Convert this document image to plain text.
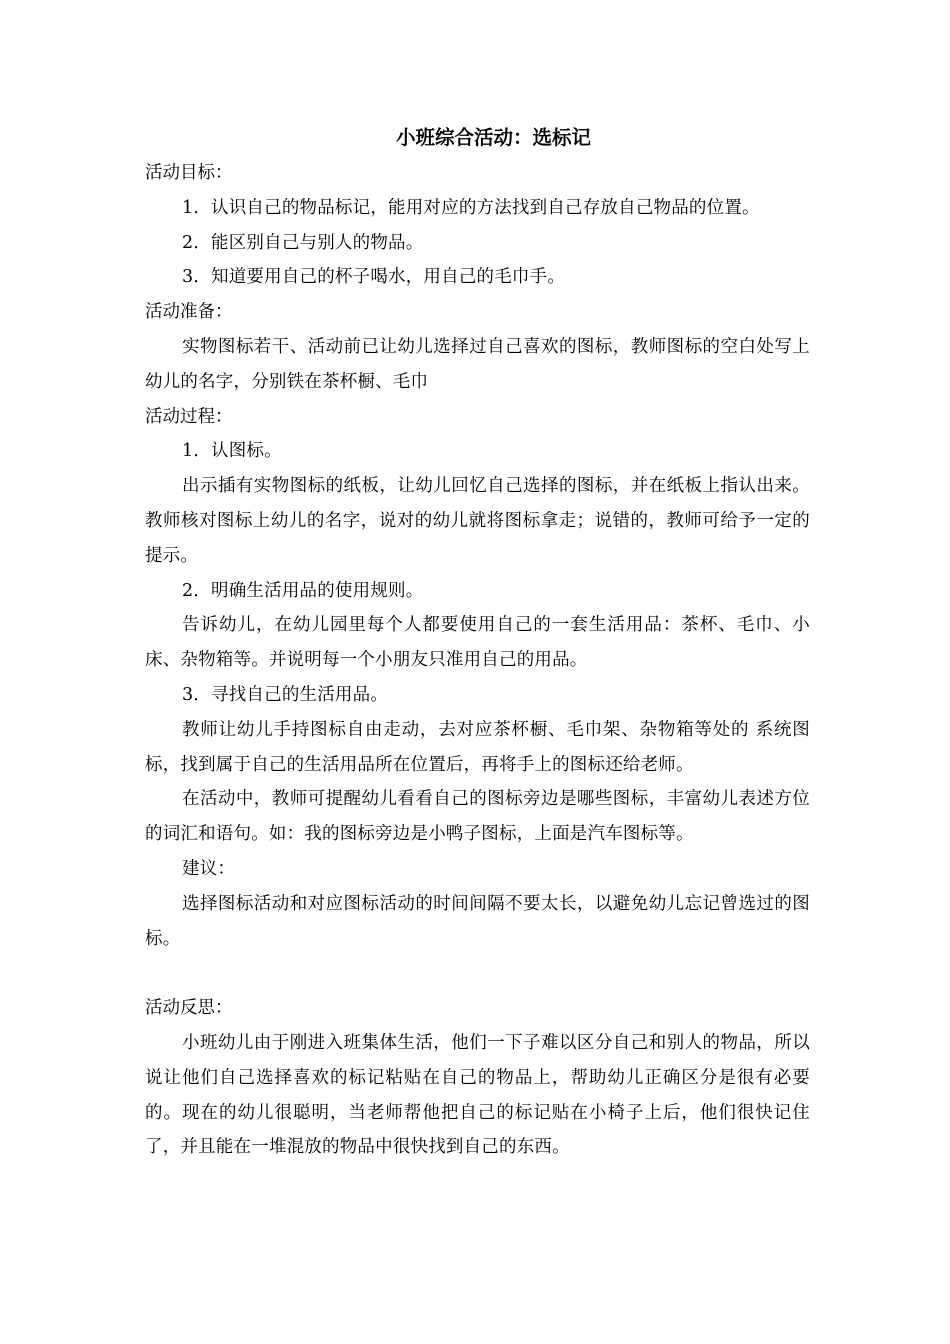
小班综合活动：选标记
活动目标：
1．认识自己的物品标记，能用对应的方法找到自己存放自己物品的位置。
2．能区别自己与别人的物品。
3．知道要用自己的杯子喝水，用自己的毛巾手。
活动准备：
实物图标若干、活动前已让幼儿选择过自己喜欢的图标，教师图标的空白处写上幼儿的名字，分别铁在茶杯橱、毛巾
活动过程：
1．认图标。
出示插有实物图标的纸板，让幼儿回忆自己选择的图标，并在纸板上指认出来。教师核对图标上幼儿的名字，说对的幼儿就将图标拿走；说错的，教师可给予一定的提示。
2．明确生活用品的使用规则。
告诉幼儿，在幼儿园里每个人都要使用自己的一套生活用品：茶杯、毛巾、小床、杂物箱等。并说明每一个小朋友只准用自己的用品。
3．寻找自己的生活用品。
教师让幼儿手持图标自由走动，去对应茶杯橱、毛巾架、杂物箱等处的 系统图标，找到属于自己的生活用品所在位置后，再将手上的图标还给老师。
在活动中，教师可提醒幼儿看看自己的图标旁边是哪些图标，丰富幼儿表述方位的词汇和语句。如：我的图标旁边是小鸭子图标，上面是汽车图标等。
建议：
选择图标活动和对应图标活动的时间间隔不要太长，以避免幼儿忘记曾选过的图标。
活动反思：
小班幼儿由于刚进入班集体生活，他们一下子难以区分自己和别人的物品，所以说让他们自己选择喜欢的标记粘贴在自己的物品上，帮助幼儿正确区分是很有必要的。现在的幼儿很聪明，当老师帮他把自己的标记贴在小椅子上后，他们很快记住了，并且能在一堆混放的物品中很快找到自己的东西。
